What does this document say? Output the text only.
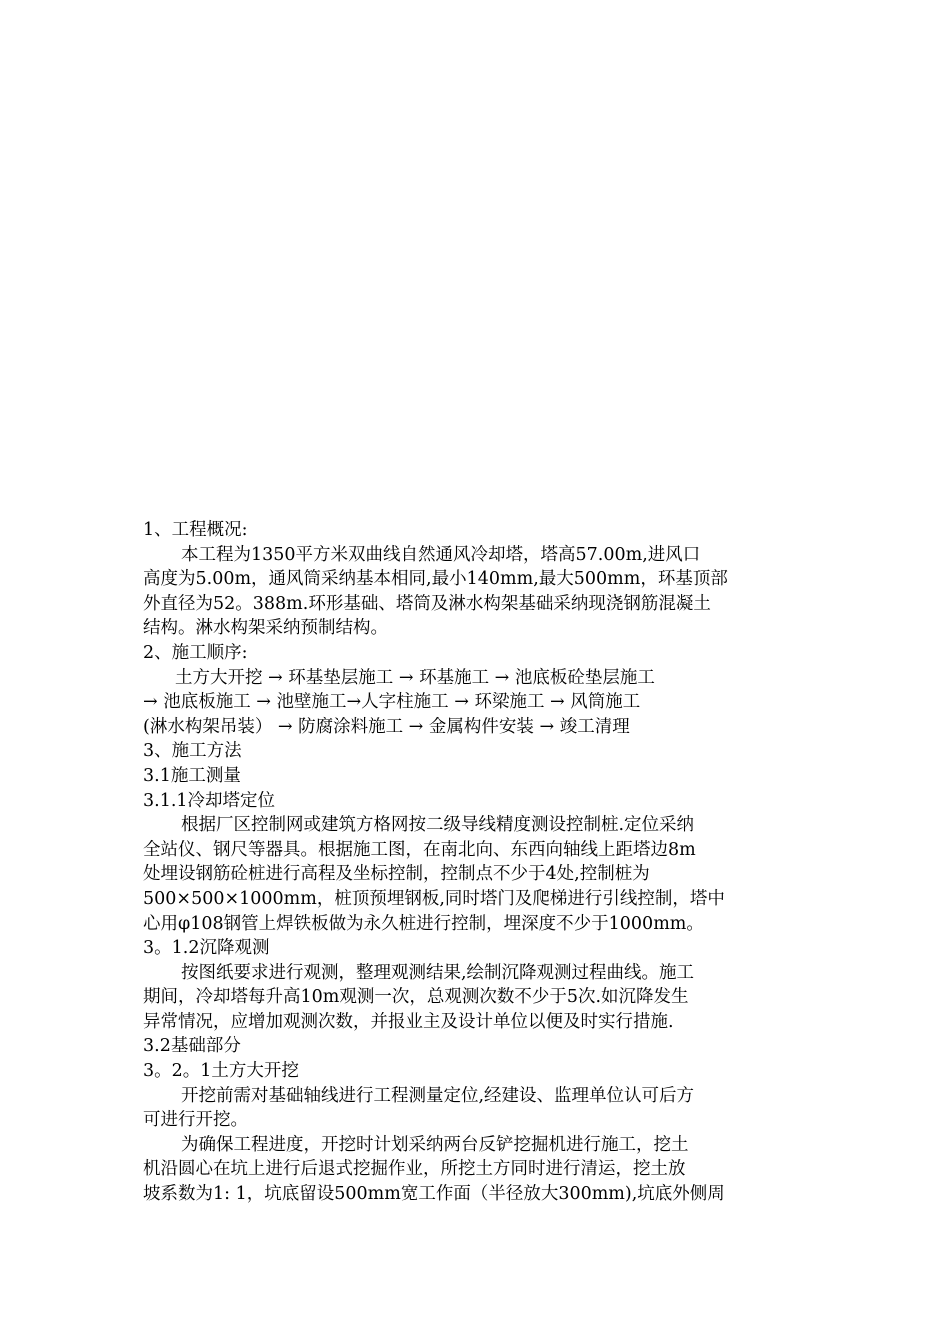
1、工程概况:
本工程为1350平方米双曲线自然通风冷却塔，塔高57.00m,进风口
高度为5.00m，通风筒采纳基本相同,最小140mm,最大500mm，环基顶部
外直径为52。388m.环形基础、塔筒及淋水构架基础采纳现浇钢筋混凝土
结构。淋水构架采纳预制结构。
2、施工顺序:
土方大开挖 → 环基垫层施工 → 环基施工 → 池底板砼垫层施工
→ 池底板施工 → 池壁施工→人字柱施工 → 环梁施工 → 风筒施工
(淋水构架吊装） → 防腐涂料施工 → 金属构件安装 → 竣工清理
3、施工方法
3.1施工测量
3.1.1冷却塔定位
根据厂区控制网或建筑方格网按二级导线精度测设控制桩.定位采纳
全站仪、钢尺等器具。根据施工图，在南北向、东西向轴线上距塔边8m
处埋设钢筋砼桩进行高程及坐标控制，控制点不少于4处,控制桩为
500×500×1000mm，桩顶预埋钢板,同时塔门及爬梯进行引线控制，塔中
心用φ108钢管上焊铁板做为永久桩进行控制，埋深度不少于1000mm。
3。1.2沉降观测
按图纸要求进行观测，整理观测结果,绘制沉降观测过程曲线。施工
期间，冷却塔每升高10m观测一次，总观测次数不少于5次.如沉降发生
异常情况，应增加观测次数，并报业主及设计单位以便及时实行措施.
3.2基础部分
3。2。1土方大开挖
开挖前需对基础轴线进行工程测量定位,经建设、监理单位认可后方
可进行开挖。
为确保工程进度，开挖时计划采纳两台反铲挖掘机进行施工，挖土
机沿圆心在坑上进行后退式挖掘作业，所挖土方同时进行清运，挖土放
坡系数为1: 1，坑底留设500mm宽工作面（半径放大300mm),坑底外侧周
